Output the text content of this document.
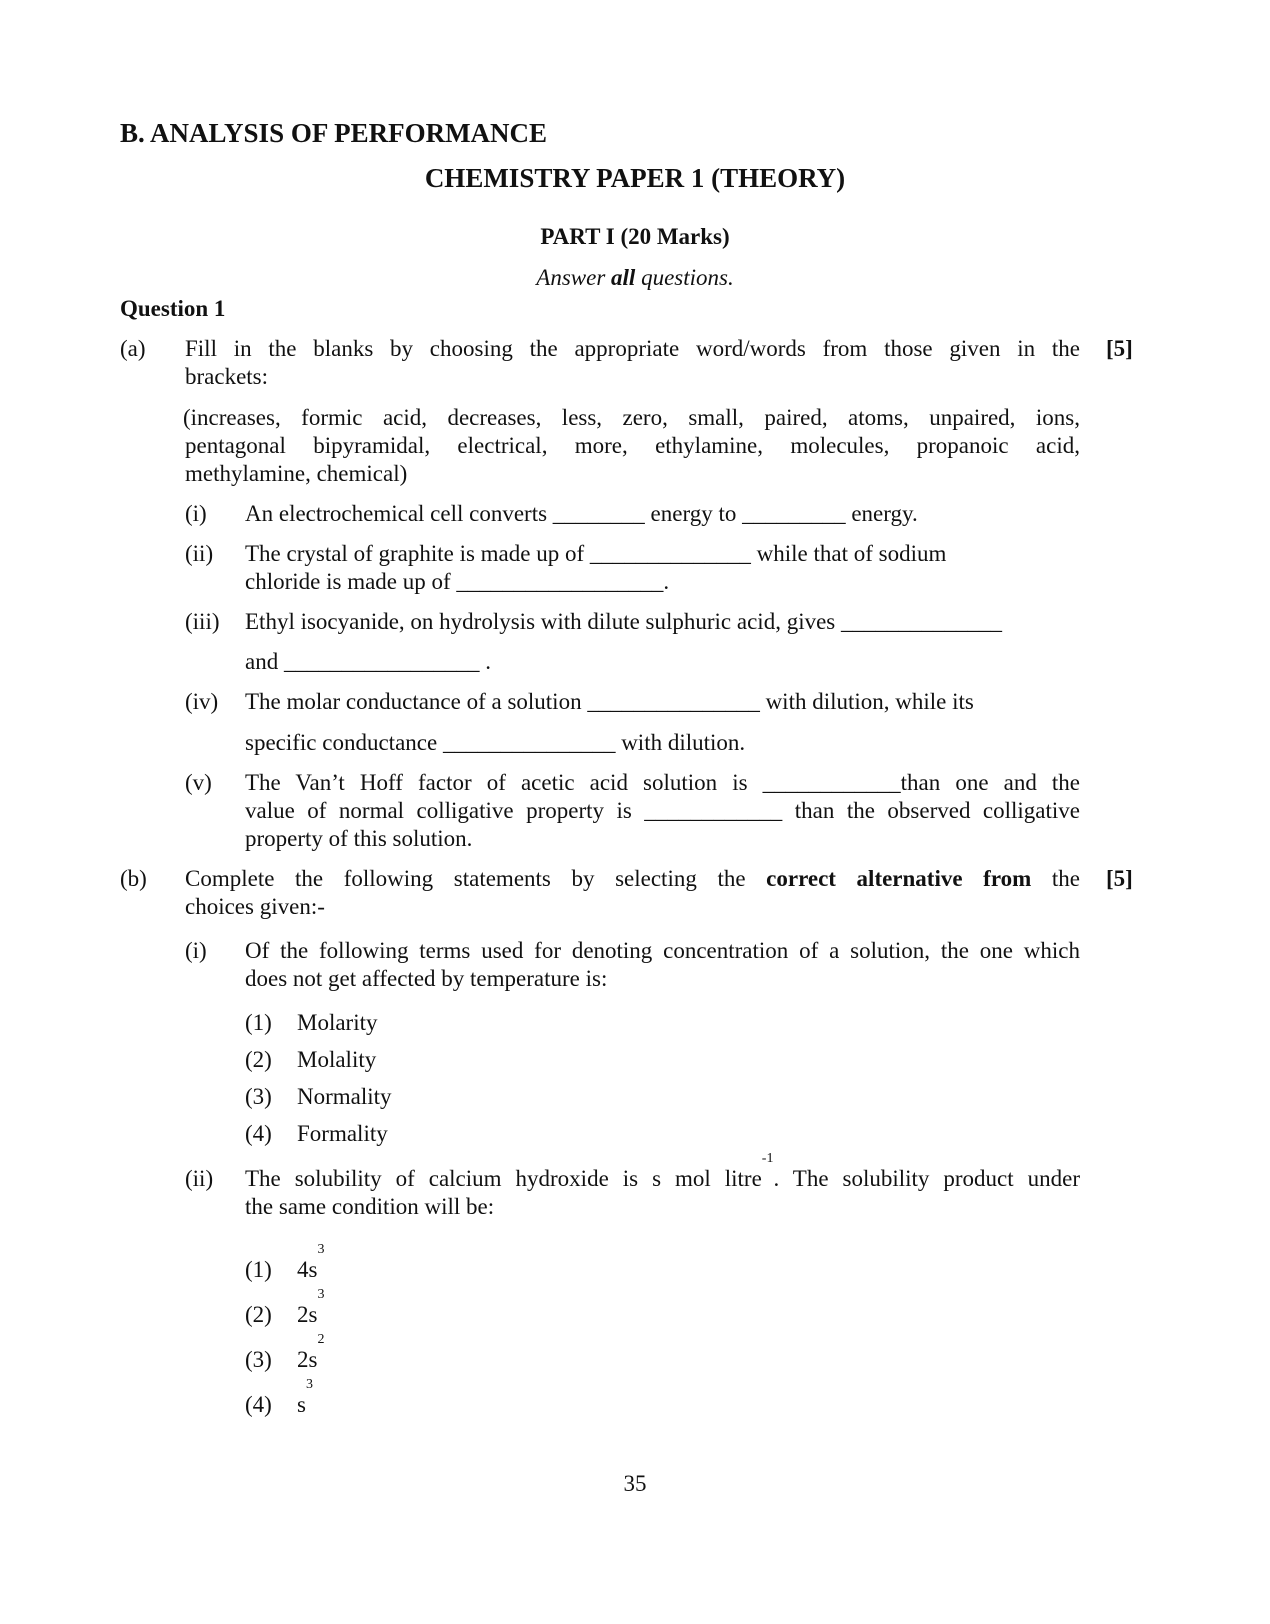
B. ANALYSIS OF PERFORMANCE
CHEMISTRY PAPER 1 (THEORY)
PART I (20 Marks)
Answer all questions.
Question 1
(a)	[5]
Fill in the blanks by choosing the appropriate word/words from those given in the
brackets:
(increases, formic acid, decreases, less, zero, small, paired, atoms, unpaired, ions,
pentagonal bipyramidal, electrical, more, ethylamine, molecules, propanoic acid,
methylamine, chemical)
(i) An electrochemical cell converts ________ energy to _________ energy.
(ii) The crystal of graphite is made up of ______________ while that of sodium
chloride is made up of __________________.
(iii) Ethyl isocyanide, on hydrolysis with dilute sulphuric acid, gives ______________
and _________________ .
(iv) The molar conductance of a solution _______________ with dilution, while its
specific conductance _______________ with dilution.
(v) The Van’t Hoff factor of acetic acid solution is ____________than one and the
value of normal colligative property is ____________ than the observed colligative
property of this solution.
(b)	[5]
Complete the following statements by selecting the correct alternative from the
choices given:-
(i) Of the following terms used for denoting concentration of a solution, the one which
does not get affected by temperature is:
(1) Molarity
(2) Molality
(3) Normality
(4) Formality
(ii) The solubility of calcium hydroxide is s mol litre$^{-1}$. The solubility product under
the same condition will be:
(1) $4s^3$
(2) $2s^3$
(3) $2s^2$
(4) $s^3$
35
